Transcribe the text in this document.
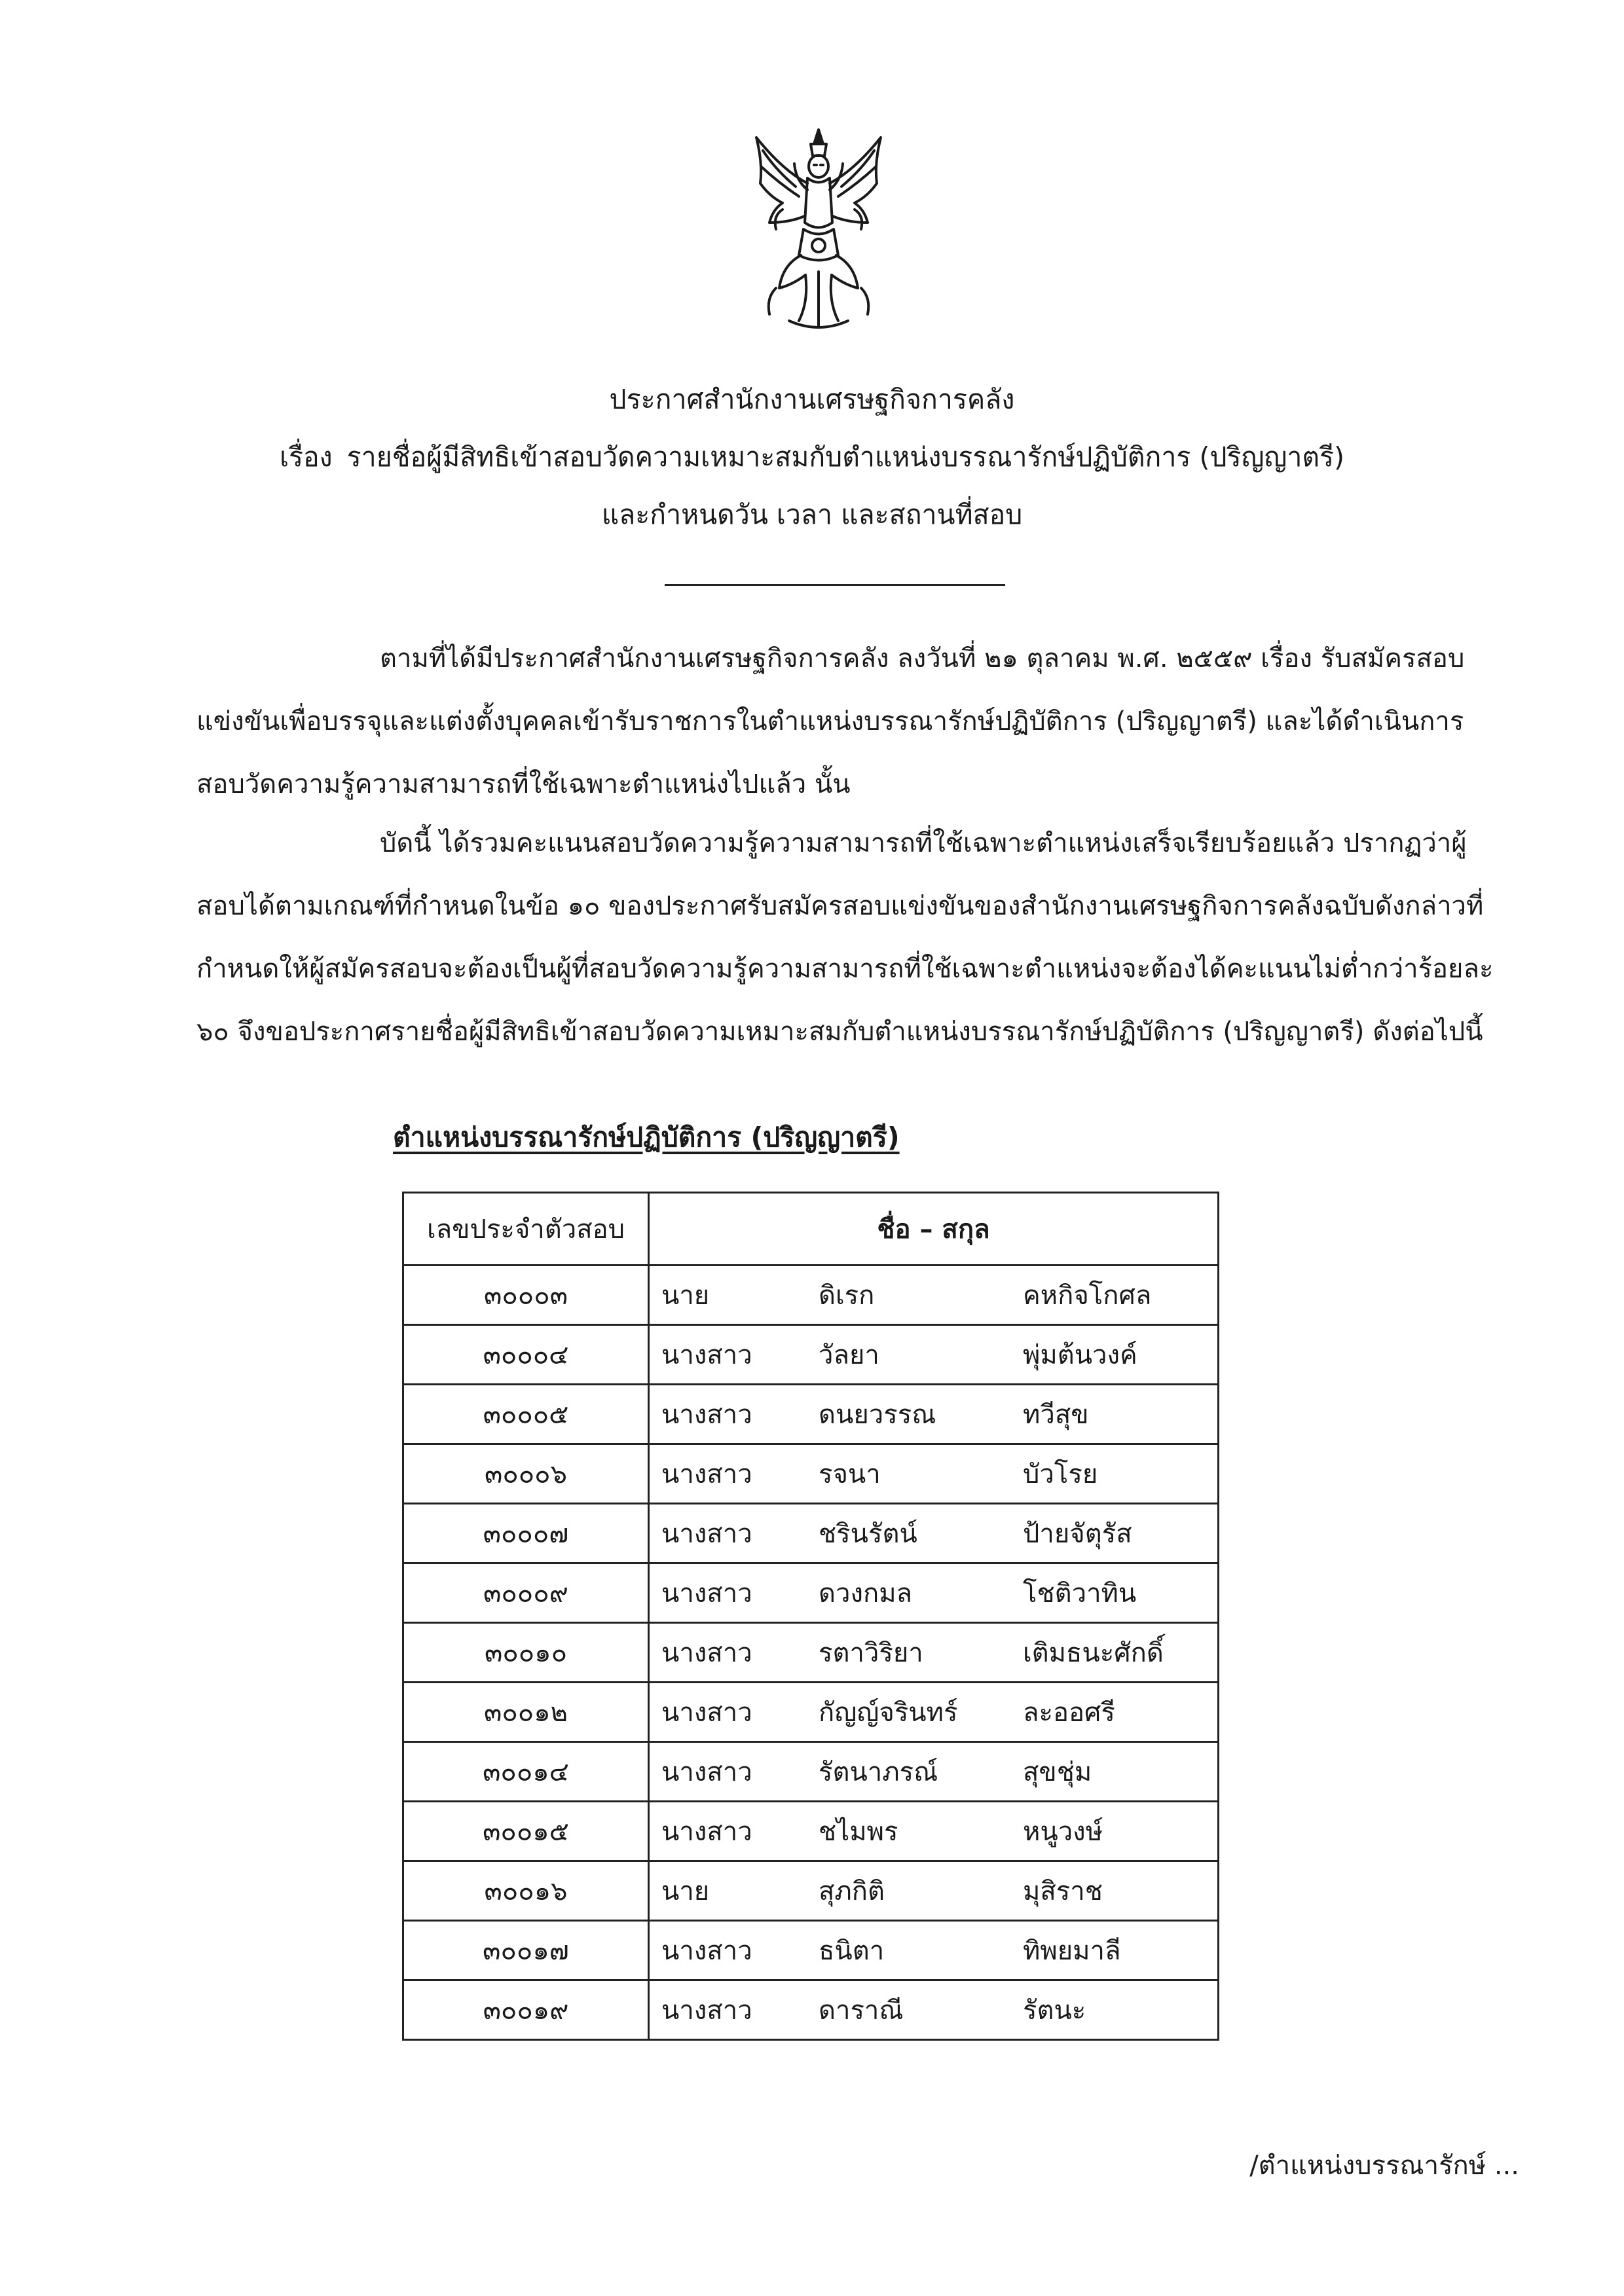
ประกาศสำนักงานเศรษฐกิจการคลัง
เรื่อง รายชื่อผู้มีสิทธิเข้าสอบวัดความเหมาะสมกับตำแหน่งบรรณารักษ์ปฏิบัติการ (ปริญญาตรี)
และกำหนดวัน เวลา และสถานที่สอบ

ตามที่ได้มีประกาศสำนักงานเศรษฐกิจการคลัง ลงวันที่ ๒๑ ตุลาคม พ.ศ. ๒๕๕๙ เรื่อง รับสมัครสอบแข่งขันเพื่อบรรจุและแต่งตั้งบุคคลเข้ารับราชการในตำแหน่งบรรณารักษ์ปฏิบัติการ (ปริญญาตรี) และได้ดำเนินการสอบวัดความรู้ความสามารถที่ใช้เฉพาะตำแหน่งไปแล้ว นั้น

บัดนี้ ได้รวมคะแนนสอบวัดความรู้ความสามารถที่ใช้เฉพาะตำแหน่งเสร็จเรียบร้อยแล้ว ปรากฏว่าผู้สอบได้ตามเกณฑ์ที่กำหนดในข้อ ๑๐ ของประกาศรับสมัครสอบแข่งขันของสำนักงานเศรษฐกิจการคลังฉบับดังกล่าวที่กำหนดให้ผู้สมัครสอบจะต้องเป็นผู้ที่สอบวัดความรู้ความสามารถที่ใช้เฉพาะตำแหน่งจะต้องได้คะแนนไม่ต่ำกว่าร้อยละ ๖๐ จึงขอประกาศรายชื่อผู้มีสิทธิเข้าสอบวัดความเหมาะสมกับตำแหน่งบรรณารักษ์ปฏิบัติการ (ปริญญาตรี) ดังต่อไปนี้

ตำแหน่งบรรณารักษ์ปฏิบัติการ (ปริญญาตรี)
เลขประจำตัวสอบ	ชื่อ – สกุล		
๓๐๐๐๓	นาย	ดิเรก	คหกิจโกศล
๓๐๐๐๔	นางสาว	วัลยา	พุ่มต้นวงค์
๓๐๐๐๕	นางสาว	ดนยวรรณ	ทวีสุข
๓๐๐๐๖	นางสาว	รจนา	บัวโรย
๓๐๐๐๗	นางสาว	ชรินรัตน์	ป้ายจัตุรัส
๓๐๐๐๙	นางสาว	ดวงกมล	โชติวาทิน
๓๐๐๑๐	นางสาว	รตาวิริยา	เติมธนะศักดิ์
๓๐๐๑๒	นางสาว	กัญญ์จรินทร์	ละออศรี
๓๐๐๑๔	นางสาว	รัตนาภรณ์	สุขชุ่ม
๓๐๐๑๕	นางสาว	ชไมพร	หนูวงษ์
๓๐๐๑๖	นาย	สุภกิติ	มุสิราช
๓๐๐๑๗	นางสาว	ธนิตา	ทิพยมาลี
๓๐๐๑๙	นางสาว	ดาราณี	รัตนะ
/ตำแหน่งบรรณารักษ์ ...
